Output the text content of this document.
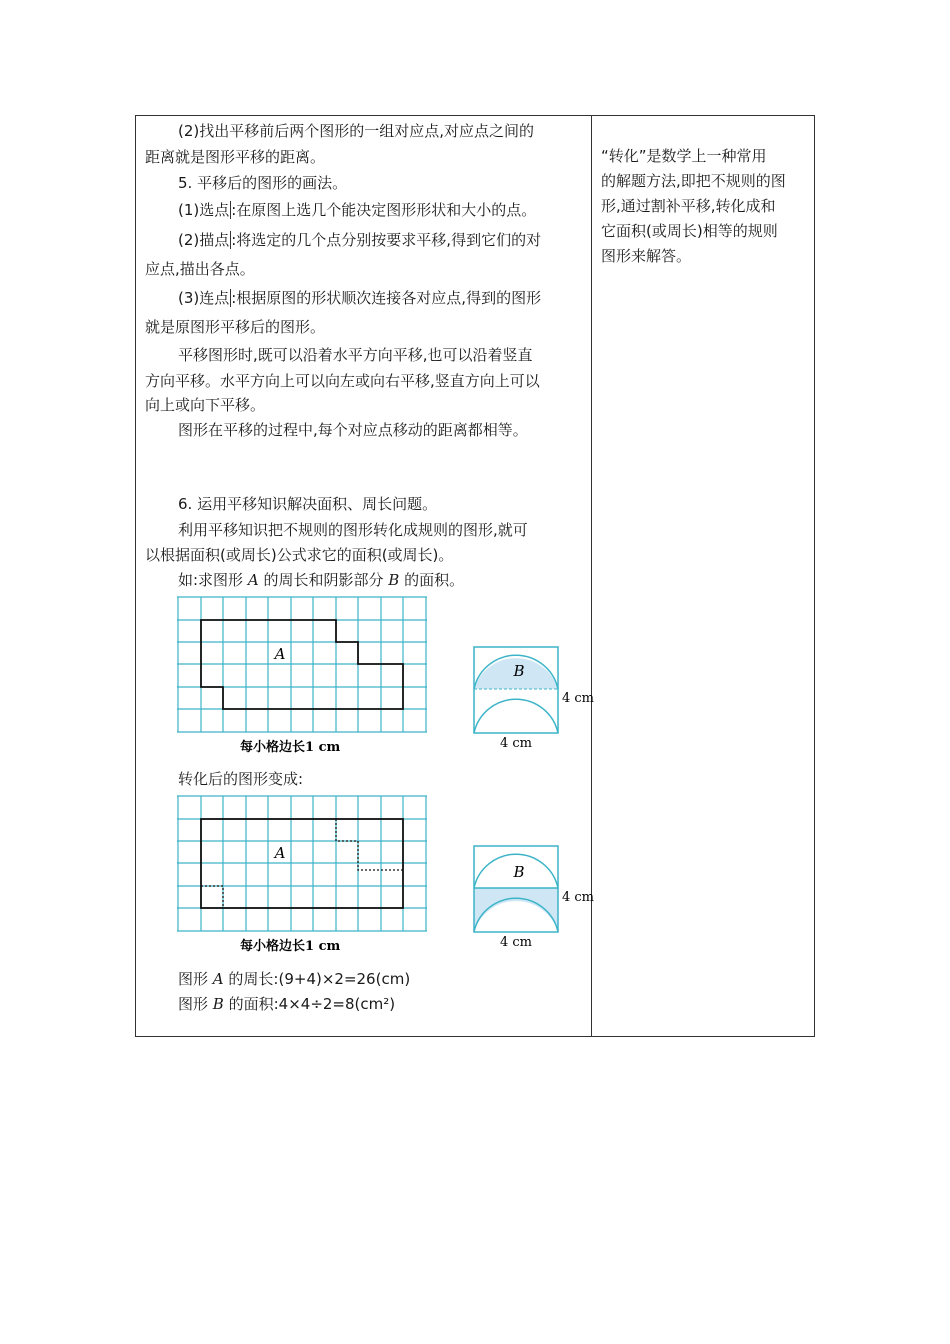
(2)找出平移前后两个图形的一组对应点,对应点之间的
距离就是图形平移的距离。
5. 平移后的图形的画法。
(1)选点 :在原图上选几个能决定图形形状和大小的点。
(2)描点 :将选定的几个点分别按要求平移,得到它们的对
应点,描出各点。
(3)连点 :根据原图的形状顺次连接各对应点,得到的图形
就是原图形平移后的图形。
平移图形时,既可以沿着水平方向平移,也可以沿着竖直
方向平移。水平方向上可以向左或向右平移,竖直方向上可以
向上或向下平移。
图形在平移的过程中,每个对应点移动的距离都相等。
6. 运用平移知识解决面积、周长问题。
利用平移知识把不规则的图形转化成规则的图形,就可
以根据面积(或周长)公式求它的面积(或周长)。
如:求图形 A 的周长和阴影部分 B 的面积。
转化后的图形变成:
图形 A 的周长:(9+4)×2=26(cm)
图形 B 的面积:4×4÷2=8(cm²)
“转化”是数学上一种常用
的解题方法,即把不规则的图
形,通过割补平移,转化成和
它面积(或周长)相等的规则
图形来解答。
A
每小格边长1 cm
B
4 cm
4 cm
A
每小格边长1 cm
B
4 cm
4 cm
